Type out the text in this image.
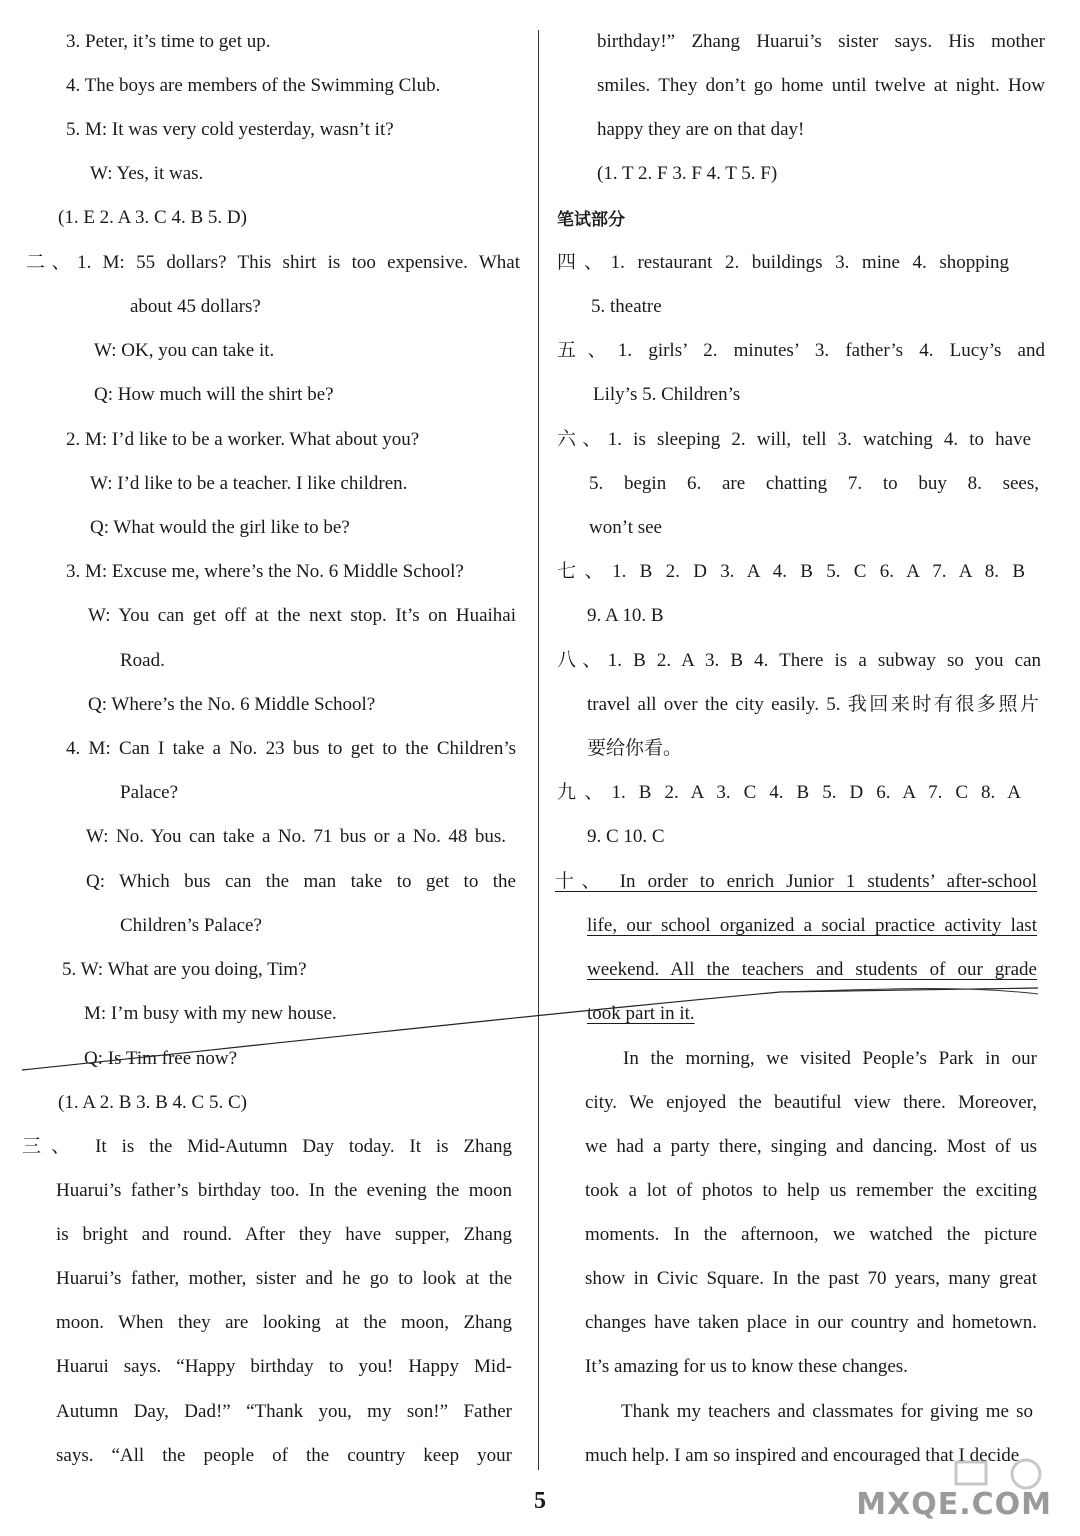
3. Peter, it’s time to get up.
4. The boys are members of the Swimming Club.
5. M: It was very cold yesterday, wasn’t it?
W: Yes, it was.
(1. E 2. A 3. C 4. B 5. D)
二、1. M: 55 dollars? This shirt is too expensive. What
about 45 dollars?
W: OK, you can take it.
Q: How much will the shirt be?
2. M: I’d like to be a worker. What about you?
W: I’d like to be a teacher. I like children.
Q: What would the girl like to be?
3. M: Excuse me, where’s the No. 6 Middle School?
W: You can get off at the next stop. It’s on Huaihai
Road.
Q: Where’s the No. 6 Middle School?
4. M: Can I take a No. 23 bus to get to the Children’s
Palace?
W: No. You can take a No. 71 bus or a No. 48 bus.
Q: Which bus can the man take to get to the
Children’s Palace?
5. W: What are you doing, Tim?
M: I’m busy with my new house.
Q: Is Tim free now?
(1. A 2. B 3. B 4. C 5. C)
三、 It is the Mid-Autumn Day today. It is Zhang
Huarui’s father’s birthday too. In the evening the moon
is bright and round. After they have supper, Zhang
Huarui’s father, mother, sister and he go to look at the
moon. When they are looking at the moon, Zhang
Huarui says. “Happy birthday to you! Happy Mid-
Autumn Day, Dad!” “Thank you, my son!” Father
says. “All the people of the country keep your
birthday!” Zhang Huarui’s sister says. His mother
smiles. They don’t go home until twelve at night. How
happy they are on that day!
(1. T 2. F 3. F 4. T 5. F)
笔试部分
四、1. restaurant 2. buildings 3. mine 4. shopping
5. theatre
五、1. girls’ 2. minutes’ 3. father’s 4. Lucy’s and
Lily’s 5. Children’s
六、1. is sleeping 2. will, tell 3. watching 4. to have
5. begin 6. are chatting 7. to buy 8. sees,
won’t see
七、1. B 2. D 3. A 4. B 5. C 6. A 7. A 8. B
9. A 10. B
八、1. B 2. A 3. B 4. There is a subway so you can
travel all over the city easily. 5. 我回来时有很多照片
要给你看。
九、1. B 2. A 3. C 4. B 5. D 6. A 7. C 8. A
9. C 10. C
十、 In order to enrich Junior 1 students’ after-school
life, our school organized a social practice activity last
weekend. All the teachers and students of our grade
took part in it.
In the morning, we visited People’s Park in our
city. We enjoyed the beautiful view there. Moreover,
we had a party there, singing and dancing. Most of us
took a lot of photos to help us remember the exciting
moments. In the afternoon, we watched the picture
show in Civic Square. In the past 70 years, many great
changes have taken place in our country and hometown.
It’s amazing for us to know these changes.
Thank my teachers and classmates for giving me so
much help. I am so inspired and encouraged that I decide
5	MXQE.COM
